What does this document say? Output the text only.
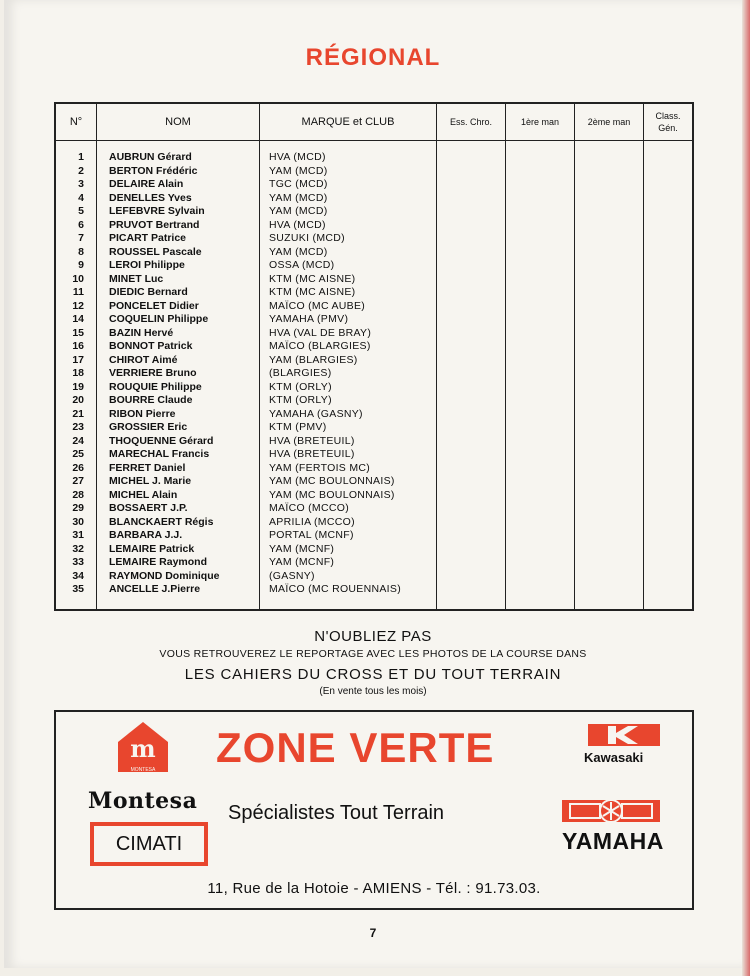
RÉGIONAL
N°	NOM	MARQUE et CLUB	Ess. Chro.	1ère man	2ème man	Class. Gén.
1	AUBRUN Gérard	HVA (MCD)				
2	BERTON Frédéric	YAM (MCD)				
3	DELAIRE Alain	TGC (MCD)				
4	DENELLES Yves	YAM (MCD)				
5	LEFEBVRE Sylvain	YAM (MCD)				
6	PRUVOT Bertrand	HVA (MCD)				
7	PICART Patrice	SUZUKI (MCD)				
8	ROUSSEL Pascale	YAM (MCD)				
9	LEROI Philippe	OSSA (MCD)				
10	MINET Luc	KTM (MC AISNE)				
11	DIEDIC Bernard	KTM (MC AISNE)				
12	PONCELET Didier	MAÏCO (MC AUBE)				
14	COQUELIN Philippe	YAMAHA (PMV)				
15	BAZIN Hervé	HVA (VAL DE BRAY)				
16	BONNOT Patrick	MAÏCO (BLARGIES)				
17	CHIROT Aimé	YAM (BLARGIES)				
18	VERRIERE Bruno	(BLARGIES)				
19	ROUQUIE Philippe	KTM (ORLY)				
20	BOURRE Claude	KTM (ORLY)				
21	RIBON Pierre	YAMAHA (GASNY)				
23	GROSSIER Eric	KTM (PMV)				
24	THOQUENNE Gérard	HVA (BRETEUIL)				
25	MARECHAL Francis	HVA (BRETEUIL)				
26	FERRET Daniel	YAM (FERTOIS MC)				
27	MICHEL J. Marie	YAM (MC BOULONNAIS)				
28	MICHEL Alain	YAM (MC BOULONNAIS)				
29	BOSSAERT J.P.	MAÏCO (MCCO)				
30	BLANCKAERT Régis	APRILIA (MCCO)				
31	BARBARA J.J.	PORTAL (MCNF)				
32	LEMAIRE Patrick	YAM (MCNF)				
33	LEMAIRE Raymond	YAM (MCNF)				
34	RAYMOND Dominique	(GASNY)				
35	ANCELLE J.Pierre	MAÏCO (MC ROUENNAIS)				
N'OUBLIEZ PAS
VOUS RETROUVEREZ LE REPORTAGE AVEC LES PHOTOS DE LA COURSE DANS
LES CAHIERS DU CROSS ET DU TOUT TERRAIN
(En vente tous les mois)
m
MONTESA
Montesa
CIMATI
ZONE VERTE
Spécialistes Tout Terrain
Kawasaki
YAMAHA
11, Rue de la Hotoie - AMIENS - Tél. : 91.73.03.
7
